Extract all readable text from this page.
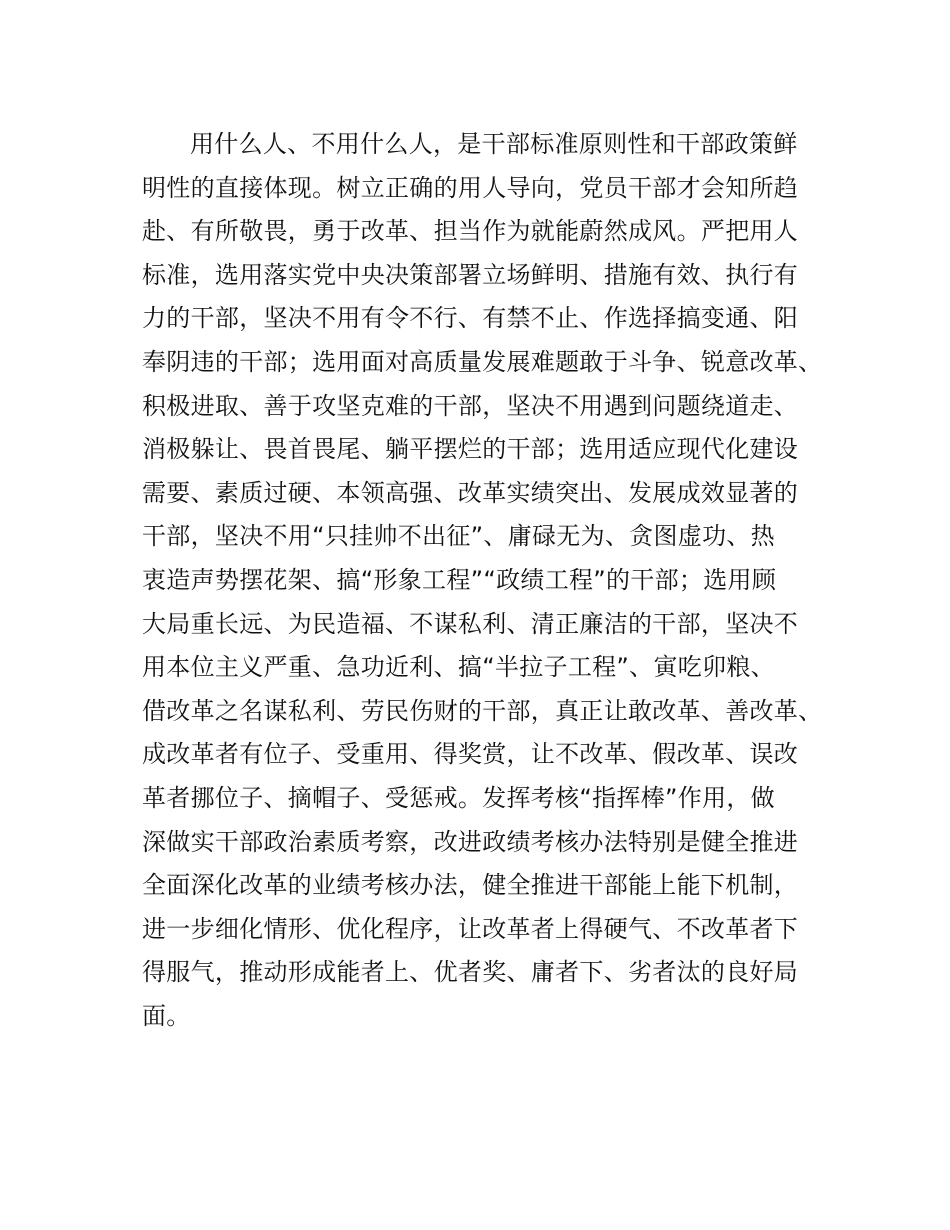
用什么人、不用什么人，是干部标准原则性和干部政策鲜
明性的直接体现。树立正确的用人导向，党员干部才会知所趋
赴、有所敬畏，勇于改革、担当作为就能蔚然成风。严把用人
标准，选用落实党中央决策部署立场鲜明、措施有效、执行有
力的干部，坚决不用有令不行、有禁不止、作选择搞变通、阳
奉阴违的干部；选用面对高质量发展难题敢于斗争、锐意改革、
积极进取、善于攻坚克难的干部，坚决不用遇到问题绕道走、
消极躲让、畏首畏尾、躺平摆烂的干部；选用适应现代化建设
需要、素质过硬、本领高强、改革实绩突出、发展成效显著的
干部，坚决不用“只挂帅不出征”、庸碌无为、贪图虚功、热
衷造声势摆花架、搞“形象工程”“政绩工程”的干部；选用顾
大局重长远、为民造福、不谋私利、清正廉洁的干部，坚决不
用本位主义严重、急功近利、搞“半拉子工程”、寅吃卯粮、
借改革之名谋私利、劳民伤财的干部，真正让敢改革、善改革、
成改革者有位子、受重用、得奖赏，让不改革、假改革、误改
革者挪位子、摘帽子、受惩戒。发挥考核“指挥棒”作用，做
深做实干部政治素质考察，改进政绩考核办法特别是健全推进
全面深化改革的业绩考核办法，健全推进干部能上能下机制，
进一步细化情形、优化程序，让改革者上得硬气、不改革者下
得服气，推动形成能者上、优者奖、庸者下、劣者汰的良好局
面。
